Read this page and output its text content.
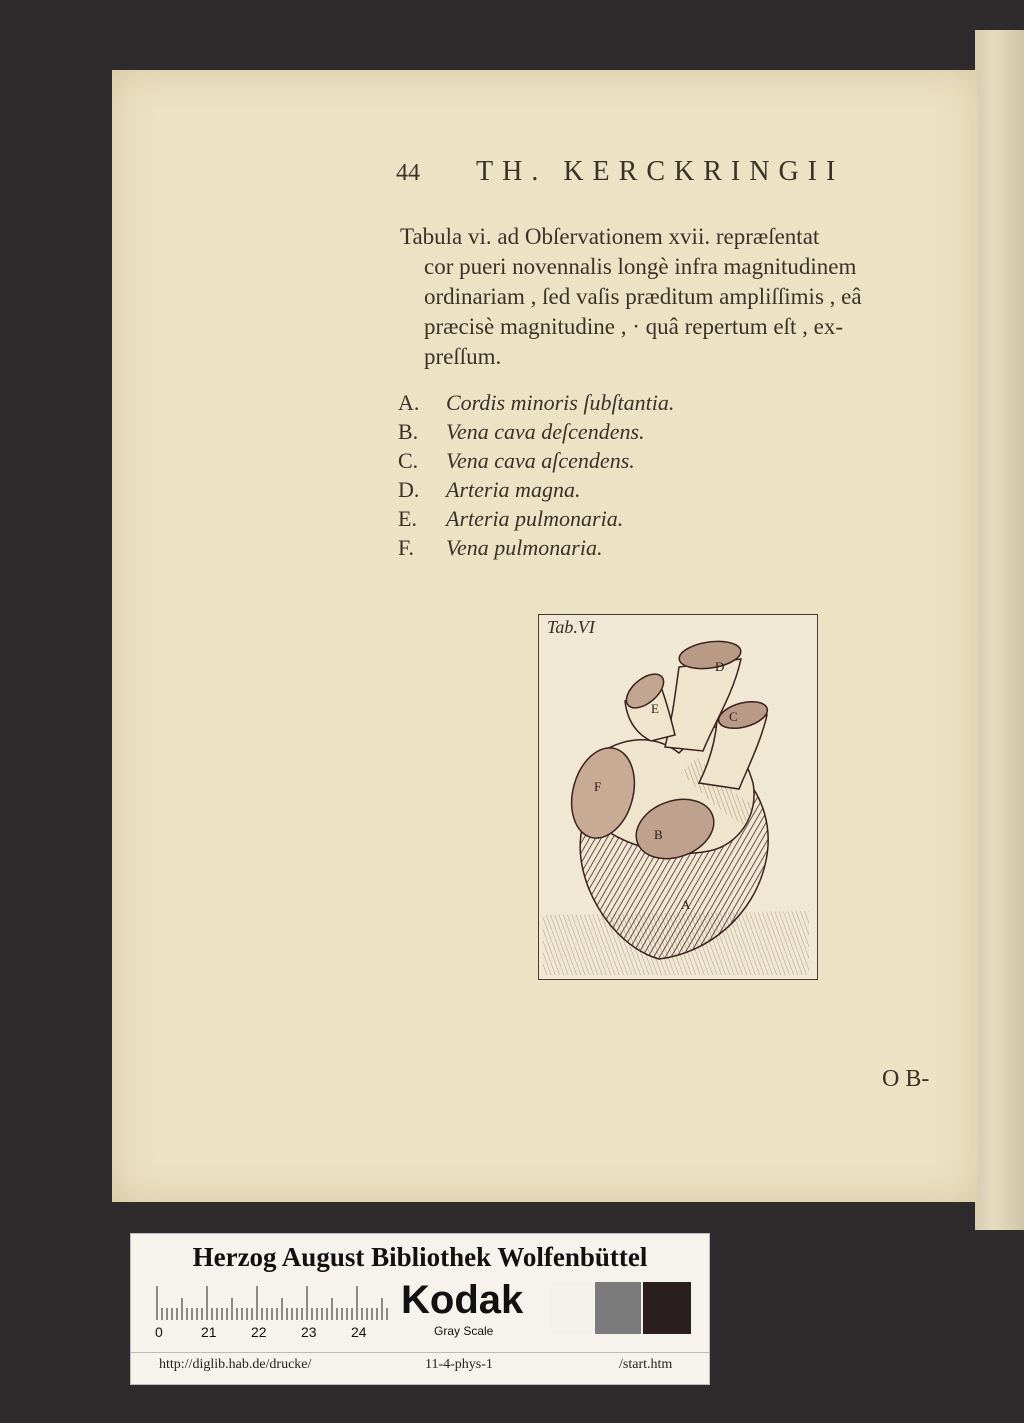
44 TH. KERCKRINGII
Tabula vi. ad Obſervationem xvii. repræſentat
cor pueri novennalis longè infra magnitudinem
ordinariam , ſed vaſis præditum ampliſſimis , eâ
præcisè magnitudine , · quâ repertum eſt , ex-
preſſum.
A. Cordis minoris ſubſtantia.
B. Vena cava deſcendens.
C. Vena cava aſcendens.
D. Arteria magna.
E. Arteria pulmonaria.
F. Vena pulmonaria.
D
E
C
F
B
A
Tab.VI
O B-
Herzog August Bibliothek Wolfenbüttel
0	21 22 23 24
Kodak
Gray Scale
http://diglib.hab.de/drucke/	11-4-phys-1	/start.htm
